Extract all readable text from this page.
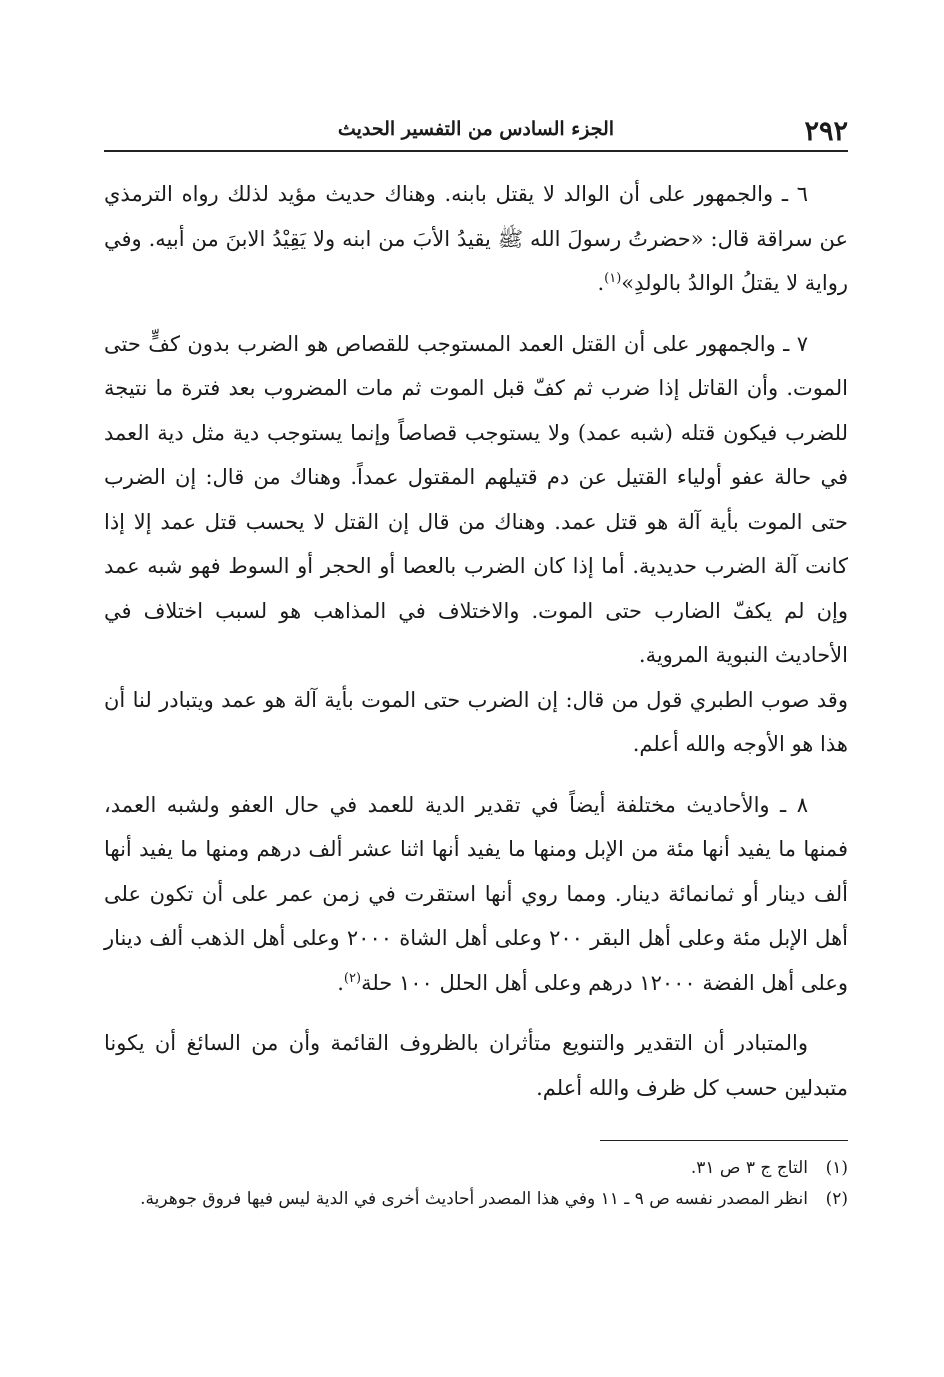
٢٩٢
الجزء السادس من التفسير الحديث

٦ ـ والجمهور على أن الوالد لا يقتل بابنه. وهناك حديث مؤيد لذلك رواه الترمذي عن سراقة قال: «حضرتُ رسولَ الله ﷺ يقيدُ الأبَ من ابنه ولا يَقِيْدُ الابنَ من أبيه. وفي رواية لا يقتلُ الوالدُ بالولدِ»$^{(١)}$.

٧ ـ والجمهور على أن القتل العمد المستوجب للقصاص هو الضرب بدون كفٍّ حتى الموت. وأن القاتل إذا ضرب ثم كفّ قبل الموت ثم مات المضروب بعد فترة ما نتيجة للضرب فيكون قتله (شبه عمد) ولا يستوجب قصاصاً وإنما يستوجب دية مثل دية العمد في حالة عفو أولياء القتيل عن دم قتيلهم المقتول عمداً. وهناك من قال: إن الضرب حتى الموت بأية آلة هو قتل عمد. وهناك من قال إن القتل لا يحسب قتل عمد إلا إذا كانت آلة الضرب حديدية. أما إذا كان الضرب بالعصا أو الحجر أو السوط فهو شبه عمد وإن لم يكفّ الضارب حتى الموت. والاختلاف في المذاهب هو لسبب اختلاف في الأحاديث النبوية المروية.

وقد صوب الطبري قول من قال: إن الضرب حتى الموت بأية آلة هو عمد ويتبادر لنا أن هذا هو الأوجه والله أعلم.

٨ ـ والأحاديث مختلفة أيضاً في تقدير الدية للعمد في حال العفو ولشبه العمد، فمنها ما يفيد أنها مئة من الإبل ومنها ما يفيد أنها اثنا عشر ألف درهم ومنها ما يفيد أنها ألف دينار أو ثمانمائة دينار. ومما روي أنها استقرت في زمن عمر على أن تكون على أهل الإبل مئة وعلى أهل البقر ٢٠٠ وعلى أهل الشاة ٢٠٠٠ وعلى أهل الذهب ألف دينار وعلى أهل الفضة ١٢٠٠٠ درهم وعلى أهل الحلل ١٠٠ حلة$^{(٢)}$.

والمتبادر أن التقدير والتنويع متأثران بالظروف القائمة وأن من السائغ أن يكونا متبدلين حسب كل ظرف والله أعلم.

(١)
التاج ج ٣ ص ٣١.
(٢)
انظر المصدر نفسه ص ٩ ـ ١١ وفي هذا المصدر أحاديث أخرى في الدية ليس فيها فروق جوهرية.
